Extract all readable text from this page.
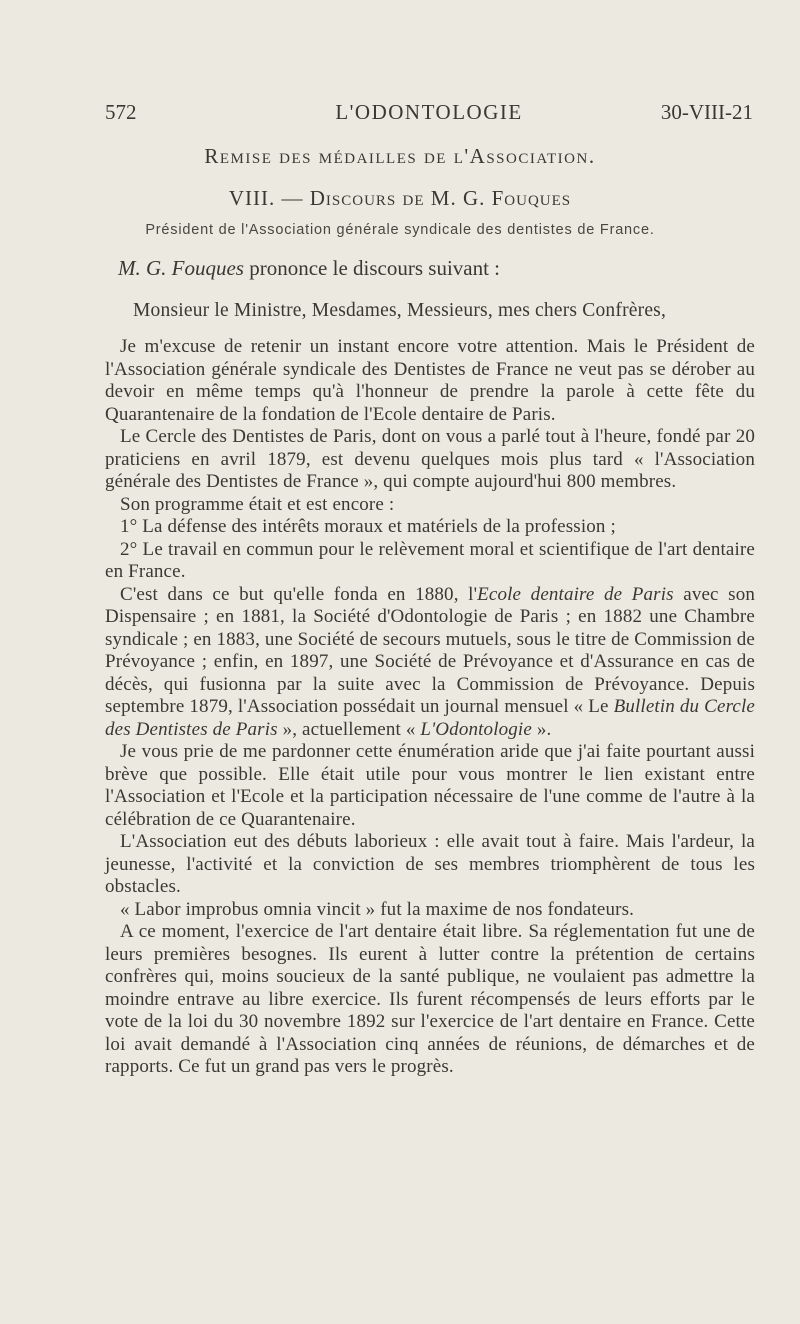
572	L'ODONTOLOGIE	30-VIII-21
Remise des médailles de l'Association.
VIII. — Discours de M. G. Fouques
Président de l'Association générale syndicale des dentistes de France.
M. G. Fouques prononce le discours suivant :
Monsieur le Ministre, Mesdames, Messieurs, mes chers Confrères,

Je m'excuse de retenir un instant encore votre attention. Mais le Président de l'Association générale syndicale des Dentistes de France ne veut pas se dérober au devoir en même temps qu'à l'honneur de prendre la parole à cette fête du Quarantenaire de la fondation de l'Ecole dentaire de Paris.

Le Cercle des Dentistes de Paris, dont on vous a parlé tout à l'heure, fondé par 20 praticiens en avril 1879, est devenu quelques mois plus tard « l'Association générale des Dentistes de France », qui compte aujourd'hui 800 membres.

Son programme était et est encore :

1° La défense des intérêts moraux et matériels de la profession ;

2° Le travail en commun pour le relèvement moral et scientifique de l'art dentaire en France.

C'est dans ce but qu'elle fonda en 1880, l'Ecole dentaire de Paris avec son Dispensaire ; en 1881, la Société d'Odontologie de Paris ; en 1882 une Chambre syndicale ; en 1883, une Société de secours mutuels, sous le titre de Commission de Prévoyance ; enfin, en 1897, une Société de Prévoyance et d'Assurance en cas de décès, qui fusionna par la suite avec la Commission de Prévoyance. Depuis septembre 1879, l'Association possédait un journal mensuel « Le Bulletin du Cercle des Dentistes de Paris », actuellement « L'Odontologie ».

Je vous prie de me pardonner cette énumération aride que j'ai faite pourtant aussi brève que possible. Elle était utile pour vous montrer le lien existant entre l'Association et l'Ecole et la participation nécessaire de l'une comme de l'autre à la célébration de ce Quarantenaire.

L'Association eut des débuts laborieux : elle avait tout à faire. Mais l'ardeur, la jeunesse, l'activité et la conviction de ses membres triomphèrent de tous les obstacles.

« Labor improbus omnia vincit » fut la maxime de nos fondateurs.

A ce moment, l'exercice de l'art dentaire était libre. Sa réglementation fut une de leurs premières besognes. Ils eurent à lutter contre la prétention de certains confrères qui, moins soucieux de la santé publique, ne voulaient pas admettre la moindre entrave au libre exercice. Ils furent récompensés de leurs efforts par le vote de la loi du 30 novembre 1892 sur l'exercice de l'art dentaire en France. Cette loi avait demandé à l'Association cinq années de réunions, de démarches et de rapports. Ce fut un grand pas vers le progrès.
